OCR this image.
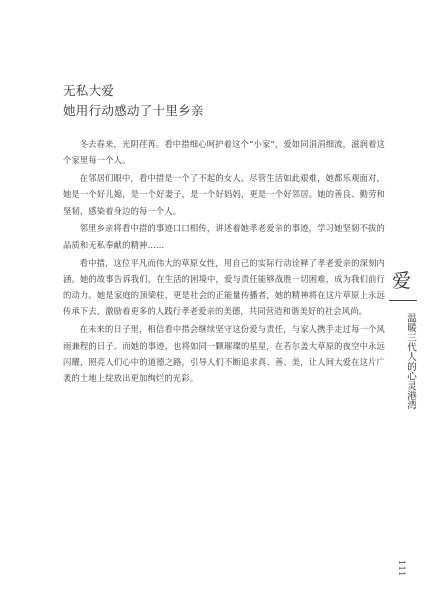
无私大爱
她用行动感动了十里乡亲

冬去春来，光阴荏苒。看中措细心呵护着这个“小家”，爱如同涓涓细流，滋润着这个家里每一个人。

在邻居们眼中，看中措是一个了不起的女人。尽管生活如此艰难，她都乐观面对，她是一个好儿媳，是一个好妻子，是一个好妈妈，更是一个好邻居。她的善良、勤劳和坚韧，感染着身边的每一个人。

邻里乡亲将看中措的事迹口口相传，讲述着她孝老爱亲的事迹，学习她坚韧不拔的品质和无私奉献的精神……

看中措，这位平凡而伟大的草原女性，用自己的实际行动诠释了孝老爱亲的深刻内涵。她的故事告诉我们，在生活的困境中，爱与责任能够战胜一切困难，成为我们前行的动力。她是家庭的顶梁柱，更是社会的正能量传播者，她的精神将在这片草原上永远传承下去，激励着更多的人践行孝老爱亲的美德，共同营造和谐美好的社会风尚。

在未来的日子里，相信看中措会继续坚守这份爱与责任，与家人携手走过每一个风雨兼程的日子。而她的事迹，也将如同一颗璀璨的星星，在若尔盖大草原的夜空中永远闪耀，照亮人们心中的道德之路，引导人们不断追求真、善、美，让人间大爱在这片广袤的土地上绽放出更加绚烂的光彩。

爱
温暖三代人的心灵港湾
111
